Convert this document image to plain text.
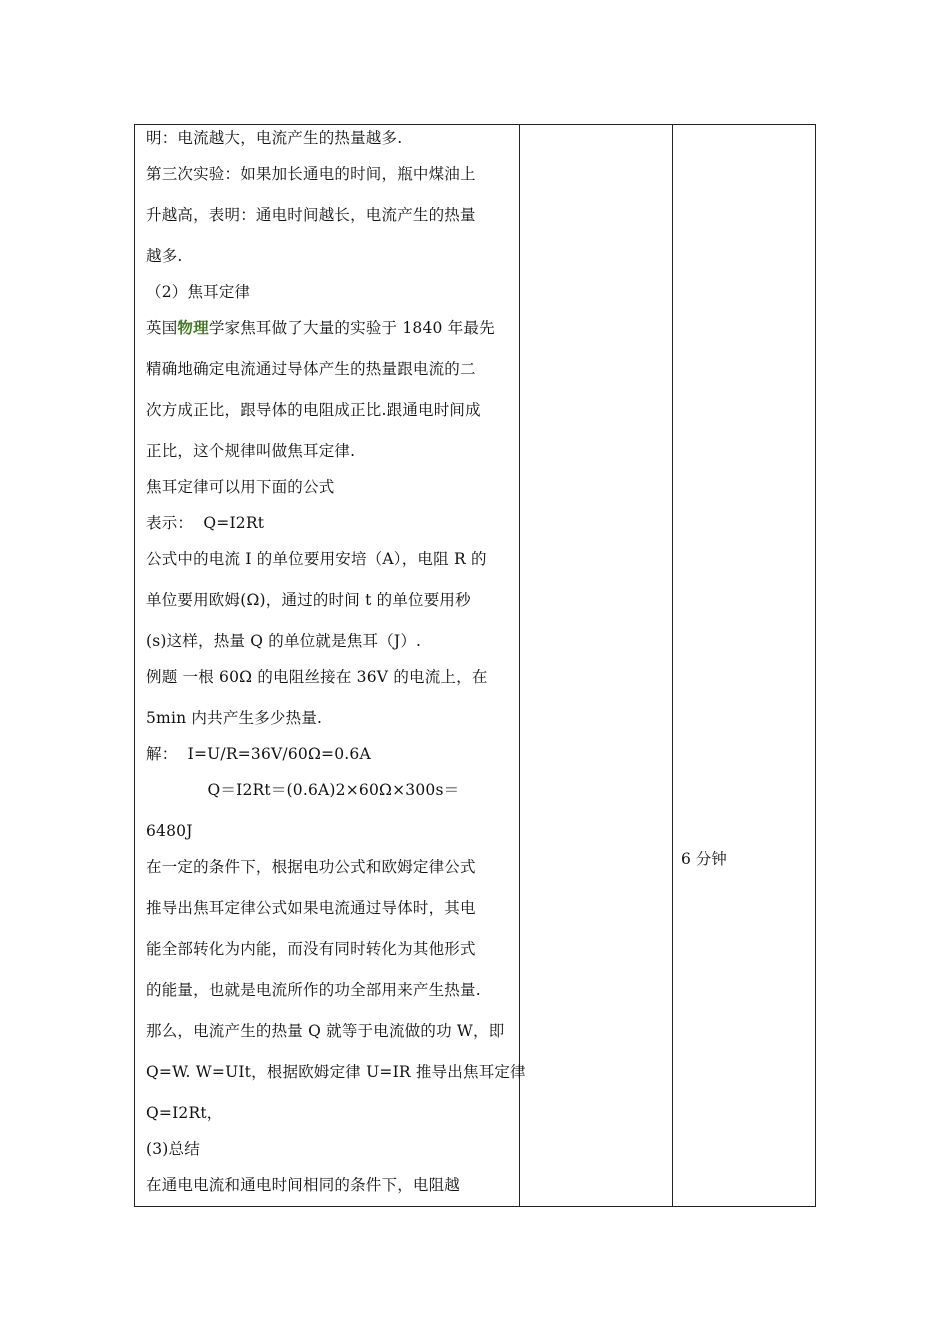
明：电流越大，电流产生的热量越多.
第三次实验：如果加长通电的时间，瓶中煤油上
升越高，表明：通电时间越长，电流产生的热量
越多.
（2）焦耳定律
英国物理学家焦耳做了大量的实验于 1840 年最先
精确地确定电流通过导体产生的热量跟电流的二
次方成正比，跟导体的电阻成正比.跟通电时间成
正比，这个规律叫做焦耳定律.
焦耳定律可以用下面的公式
表示：  Q=I2Rt
公式中的电流 I 的单位要用安培（A），电阻 R 的
单位要用欧姆(Ω)，通过的时间 t 的单位要用秒
(s)这样，热量 Q 的单位就是焦耳（J）.
例题 一根 60Ω 的电阻丝接在 36V 的电流上，在
5min 内共产生多少热量.
解：  I=U/R=36V/60Ω=0.6A
Q＝I2Rt＝(0.6A)2×60Ω×300s＝
6480J
在一定的条件下，根据电功公式和欧姆定律公式
推导出焦耳定律公式如果电流通过导体时，其电
能全部转化为内能，而没有同时转化为其他形式
的能量，也就是电流所作的功全部用来产生热量.
那么，电流产生的热量 Q 就等于电流做的功 W，即
Q=W. W=UIt，根据欧姆定律 U=IR 推导出焦耳定律
Q=I2Rt，
(3)总结
在通电电流和通电时间相同的条件下，电阻越
6 分钟
